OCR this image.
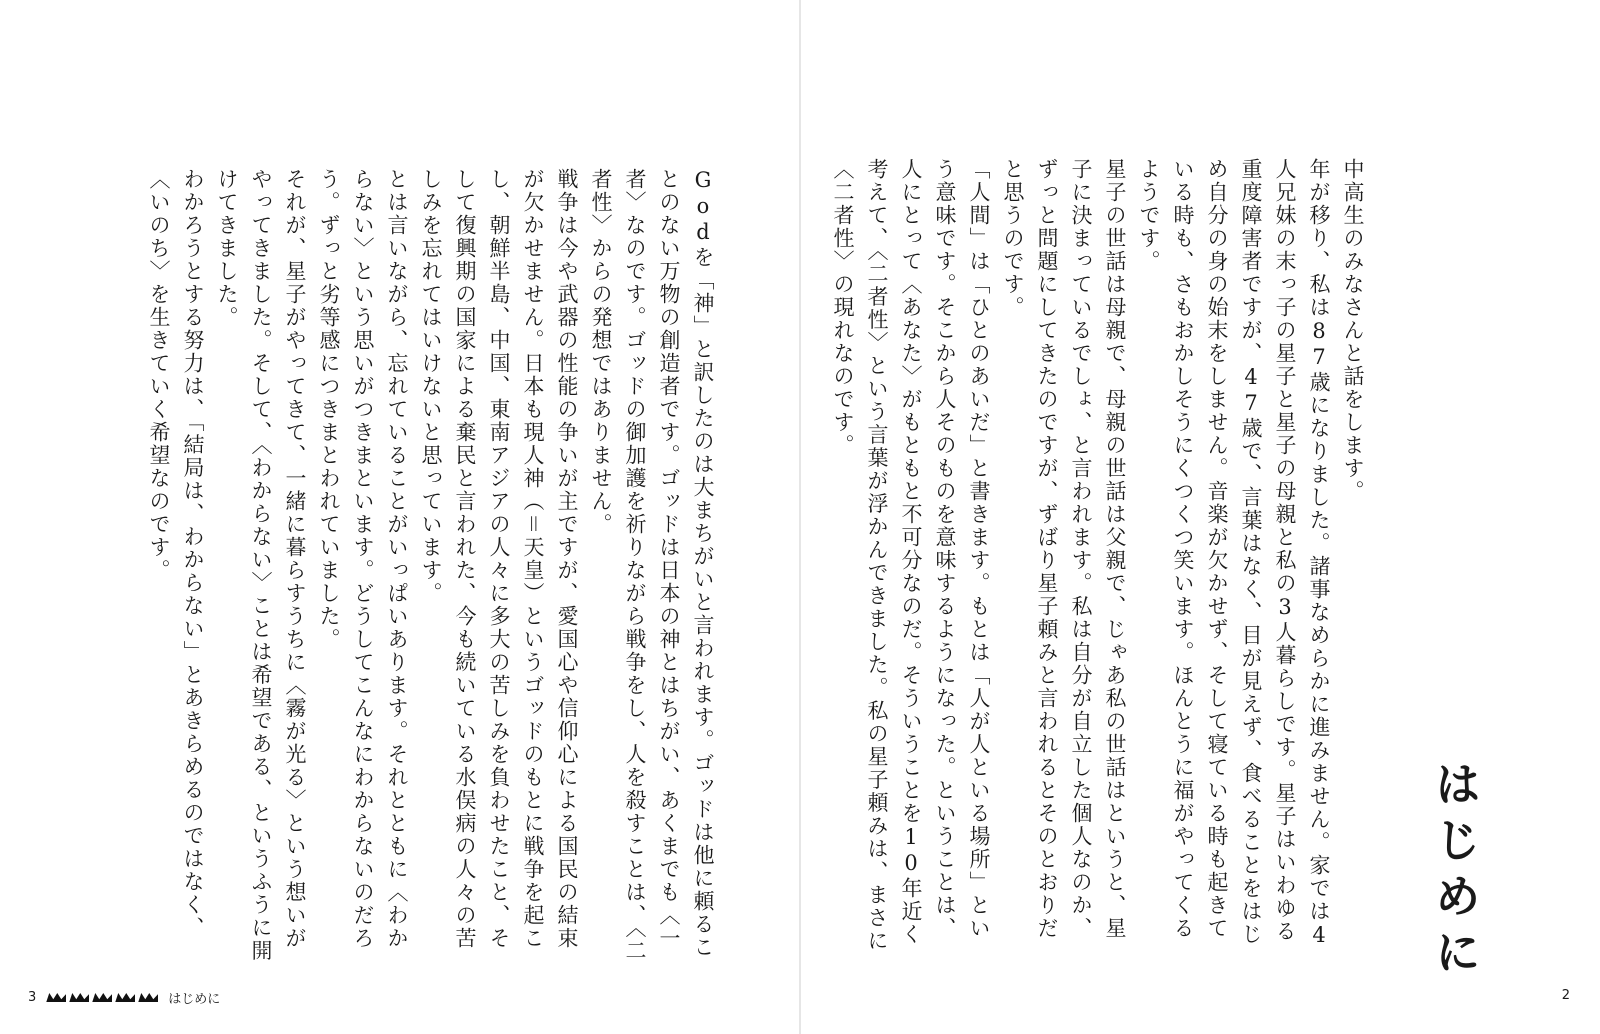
中高生のみなさんと話をします。
年が移り、私は87歳になりました。諸事なめらかに進みません。家では4人兄妹の末っ子の星子と星子の母親と私の3人暮らしです。星子はいわゆる重度障害者ですが、47歳で、言葉はなく、目が見えず、食べることをはじめ自分の身の始末をしません。音楽が欠かせず、そして寝ている時も起きている時も、さもおかしそうにくつくつ笑います。ほんとうに福がやってくるようです。
星子の世話は母親で、母親の世話は父親で、じゃあ私の世話はというと、星子に決まっているでしょ、と言われます。私は自分が自立した個人なのか、ずっと問題にしてきたのですが、ずばり星子頼みと言われるとそのとおりだと思うのです。
「人間」は「ひとのあいだ」と書きます。もとは「人が人といる場所」という意味です。そこから人そのものを意味するようになった。ということは、人にとって〈あなた〉がもともと不可分なのだ。そういうことを10年近く考えて、〈二者性〉という言葉が浮かんできました。私の星子頼みは、まさに〈二者性〉の現れなのです。
はじめに
Godを「神」と訳したのは大まちがいと言われます。ゴッドは他に頼ることのない万物の創造者です。ゴッドは日本の神とはちがい、あくまでも〈一者〉なのです。ゴッドの御加護を祈りながら戦争をし、人を殺すことは、〈二者性〉からの発想ではありません。
戦争は今や武器の性能の争いが主ですが、愛国心や信仰心による国民の結束が欠かせません。日本も現人神（＝天皇）というゴッドのもとに戦争を起こし、朝鮮半島、中国、東南アジアの人々に多大の苦しみを負わせたこと、そして復興期の国家による棄民と言われた、今も続いている水俣病の人々の苦しみを忘れてはいけないと思っています。
とは言いながら、忘れていることがいっぱいあります。それとともに〈わからない〉という思いがつきまといます。どうしてこんなにわからないのだろう。ずっと劣等感につきまとわれていました。
それが、星子がやってきて、一緒に暮らすうちに〈霧が光る〉という想いがやってきました。そして、〈わからない〉ことは希望である、というふうに開けてきました。
わかろうとする努力は、「結局は、わからない」とあきらめるのではなく、〈いのち〉を生きていく希望なのです。
3	はじめに	2
